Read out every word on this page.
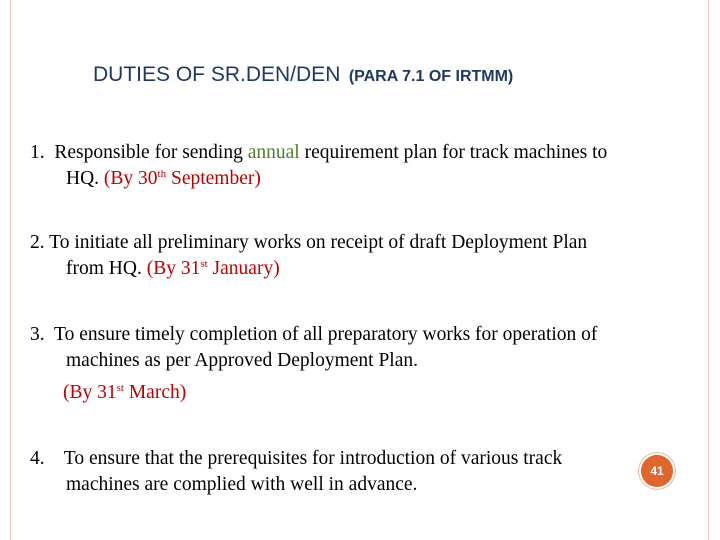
DUTIES OF SR.DEN/DEN (PARA 7.1 OF IRTMM)
1. Responsible for sending annual requirement plan for track machines to
HQ. (By 30th September)
2. To initiate all preliminary works on receipt of draft Deployment Plan
from HQ. (By 31st January)
3. To ensure timely completion of all preparatory works for operation of
machines as per Approved Deployment Plan.
(By 31st March)
4. To ensure that the prerequisites for introduction of various track
machines are complied with well in advance.
41
